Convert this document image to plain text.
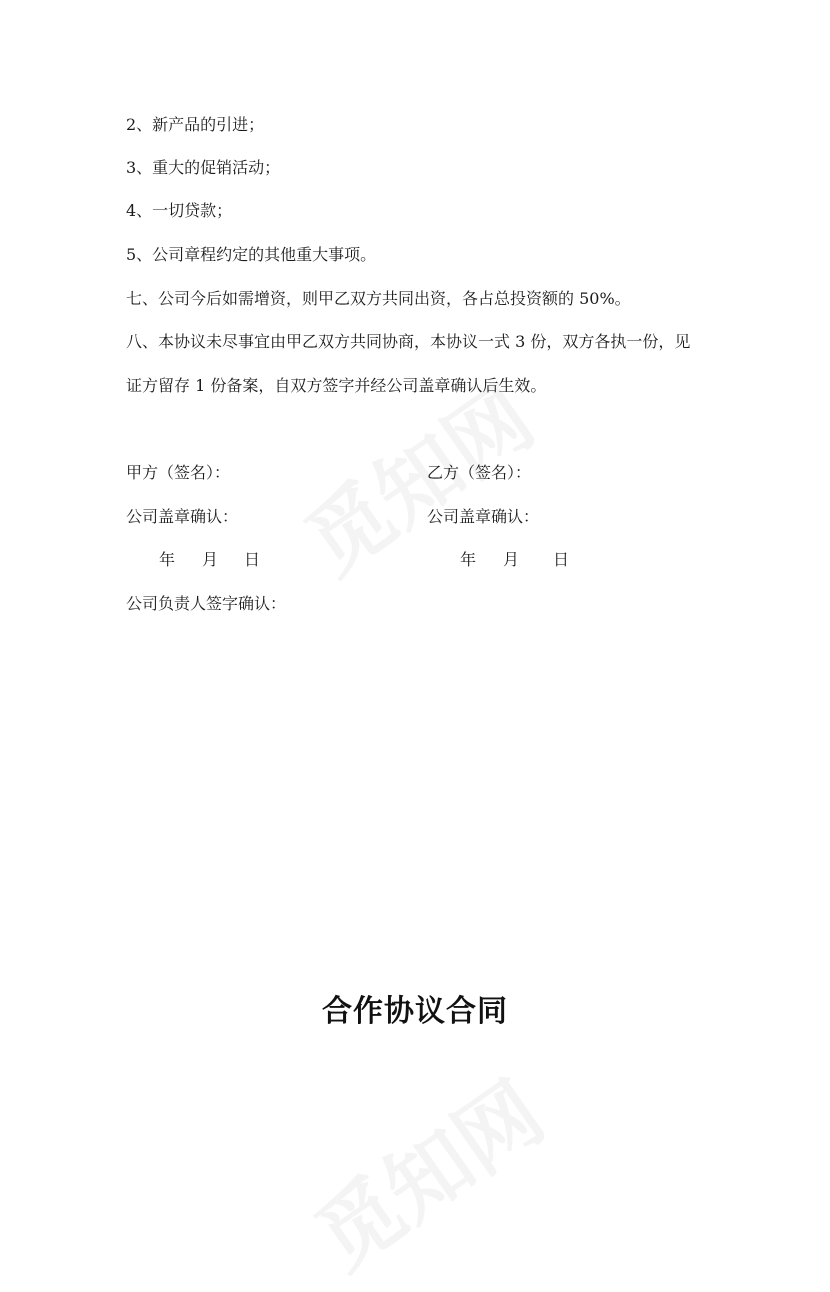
2、新产品的引进；
3、重大的促销活动；
4、一切贷款；
5、公司章程约定的其他重大事项。
七、公司今后如需增资，则甲乙双方共同出资，各占总投资额的 50%。
八、本协议未尽事宜由甲乙双方共同协商，本协议一式 3 份，双方各执一份，见
证方留存 1 份备案，自双方签字并经公司盖章确认后生效。
甲方（签名）：	乙方（签名）：
公司盖章确认：	公司盖章确认：
年 月 日	年 月 日
公司负责人签字确认：
合作协议合同
